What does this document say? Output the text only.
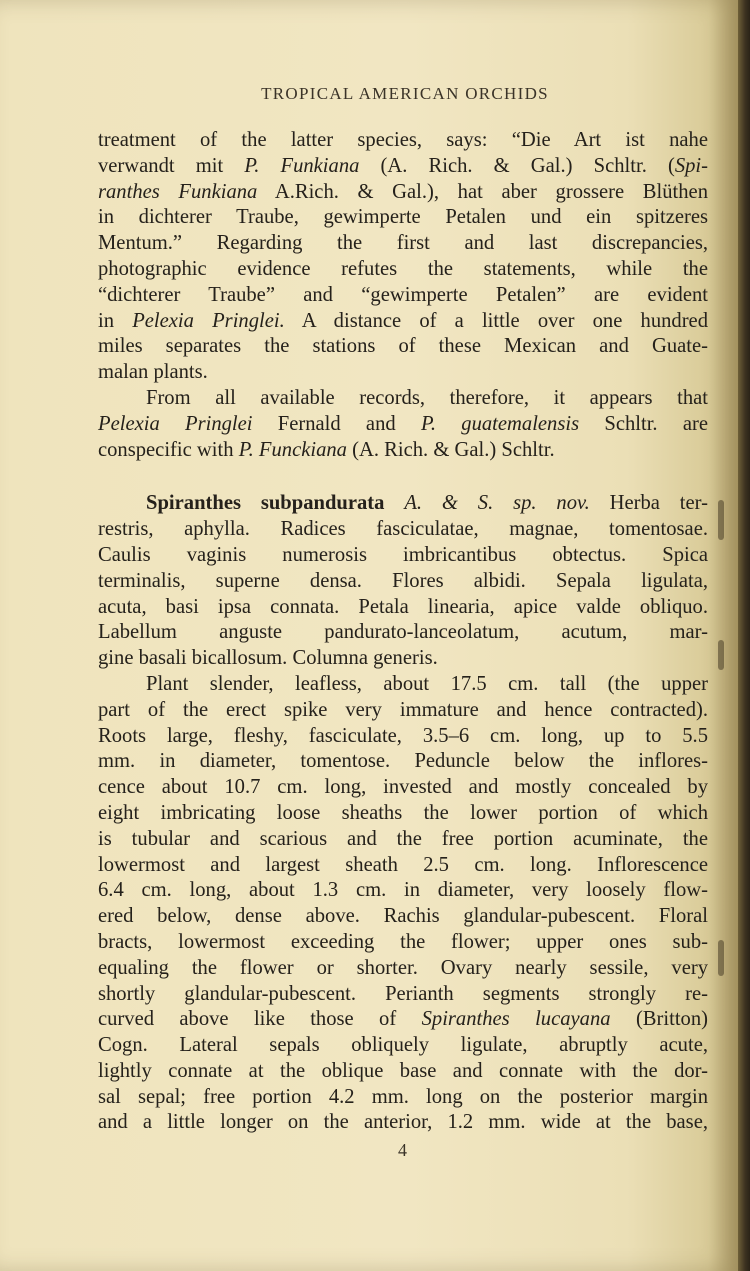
TROPICAL AMERICAN ORCHIDS
treatment of the latter species, says: “Die Art ist nahe
verwandt mit P. Funkiana (A. Rich. & Gal.) Schltr. (Spi-
ranthes Funkiana A.Rich. & Gal.), hat aber grossere Blüthen
in dichterer Traube, gewimperte Petalen und ein spitzeres
Mentum.” Regarding the first and last discrepancies,
photographic evidence refutes the statements, while the
“dichterer Traube” and “gewimperte Petalen” are evident
in Pelexia Pringlei. A distance of a little over one hundred
miles separates the stations of these Mexican and Guate-
malan plants.
From all available records, therefore, it appears that
Pelexia Pringlei Fernald and P. guatemalensis Schltr. are
conspecific with P. Funckiana (A. Rich. & Gal.) Schltr.
Spiranthes subpandurata A. & S. sp. nov. Herba ter-
restris, aphylla. Radices fasciculatae, magnae, tomentosae.
Caulis vaginis numerosis imbricantibus obtectus. Spica
terminalis, superne densa. Flores albidi. Sepala ligulata,
acuta, basi ipsa connata. Petala linearia, apice valde obliquo.
Labellum anguste pandurato-lanceolatum, acutum, mar-
gine basali bicallosum. Columna generis.
Plant slender, leafless, about 17.5 cm. tall (the upper
part of the erect spike very immature and hence contracted).
Roots large, fleshy, fasciculate, 3.5–6 cm. long, up to 5.5
mm. in diameter, tomentose. Peduncle below the inflores-
cence about 10.7 cm. long, invested and mostly concealed by
eight imbricating loose sheaths the lower portion of which
is tubular and scarious and the free portion acuminate, the
lowermost and largest sheath 2.5 cm. long. Inflorescence
6.4 cm. long, about 1.3 cm. in diameter, very loosely flow-
ered below, dense above. Rachis glandular-pubescent. Floral
bracts, lowermost exceeding the flower; upper ones sub-
equaling the flower or shorter. Ovary nearly sessile, very
shortly glandular-pubescent. Perianth segments strongly re-
curved above like those of Spiranthes lucayana (Britton)
Cogn. Lateral sepals obliquely ligulate, abruptly acute,
lightly connate at the oblique base and connate with the dor-
sal sepal; free portion 4.2 mm. long on the posterior margin
and a little longer on the anterior, 1.2 mm. wide at the base,
4
